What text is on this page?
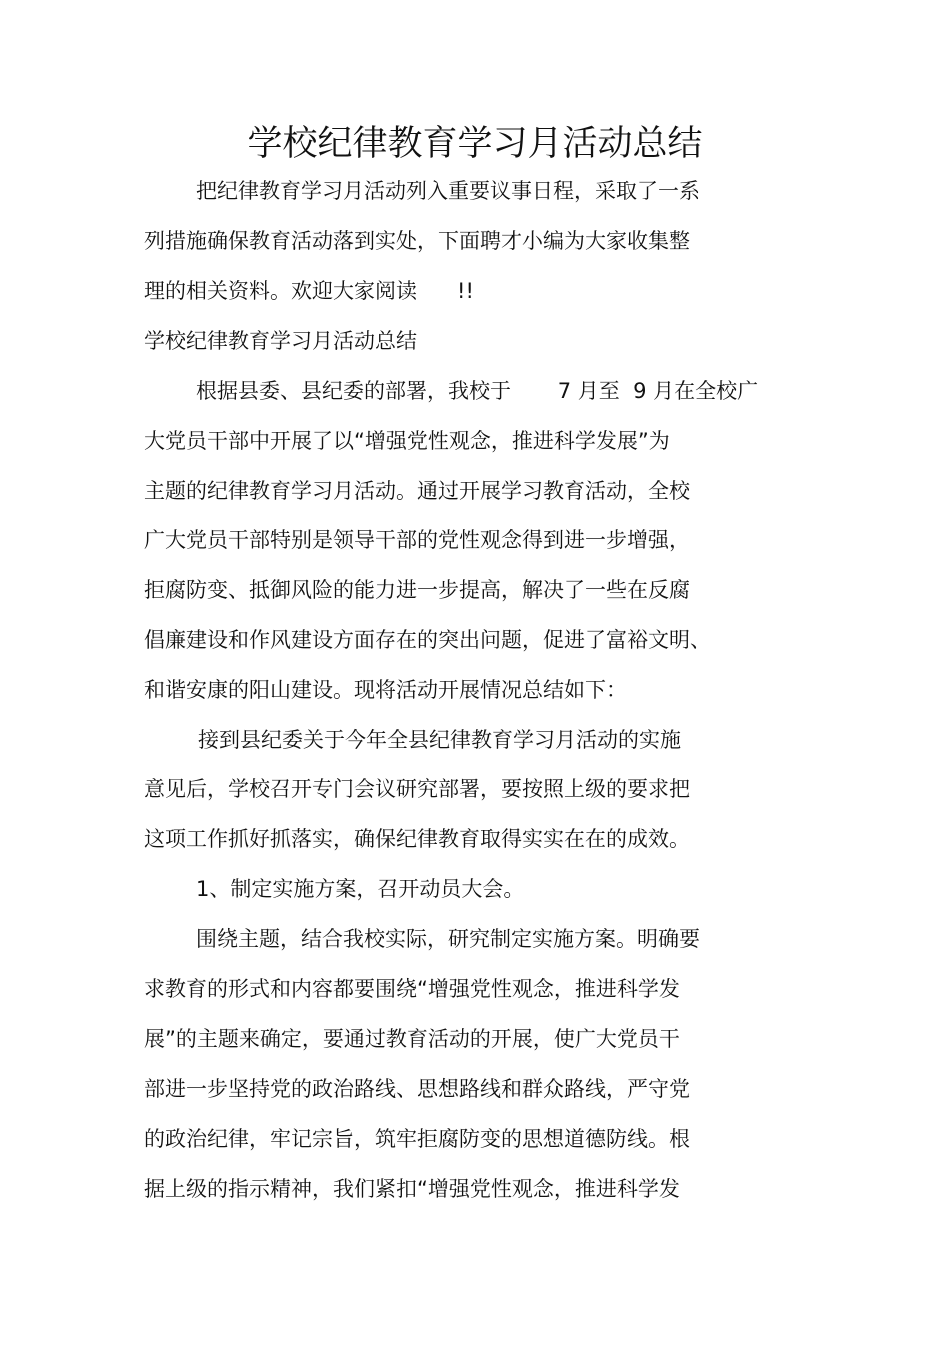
学校纪律教育学习月活动总结

把纪律教育学习月活动列入重要议事日程，采取了一系

列措施确保教育活动落到实处，下面聘才小编为大家收集整

理的相关资料。欢迎大家阅读      !!

学校纪律教育学习月活动总结

根据县委、县纪委的部署，我校于       7 月至  9 月在全校广

大党员干部中开展了以“增强党性观念，推进科学发展”为

主题的纪律教育学习月活动。通过开展学习教育活动，全校

广大党员干部特别是领导干部的党性观念得到进一步增强，

拒腐防变、抵御风险的能力进一步提高，解决了一些在反腐

倡廉建设和作风建设方面存在的突出问题，促进了富裕文明、

和谐安康的阳山建设。现将活动开展情况总结如下：

接到县纪委关于今年全县纪律教育学习月活动的实施

意见后，学校召开专门会议研究部署，要按照上级的要求把

这项工作抓好抓落实，确保纪律教育取得实实在在的成效。

1、制定实施方案，召开动员大会。

围绕主题，结合我校实际，研究制定实施方案。明确要

求教育的形式和内容都要围绕“增强党性观念，推进科学发

展”的主题来确定，要通过教育活动的开展，使广大党员干

部进一步坚持党的政治路线、思想路线和群众路线，严守党

的政治纪律，牢记宗旨，筑牢拒腐防变的思想道德防线。根

据上级的指示精神，我们紧扣“增强党性观念，推进科学发
